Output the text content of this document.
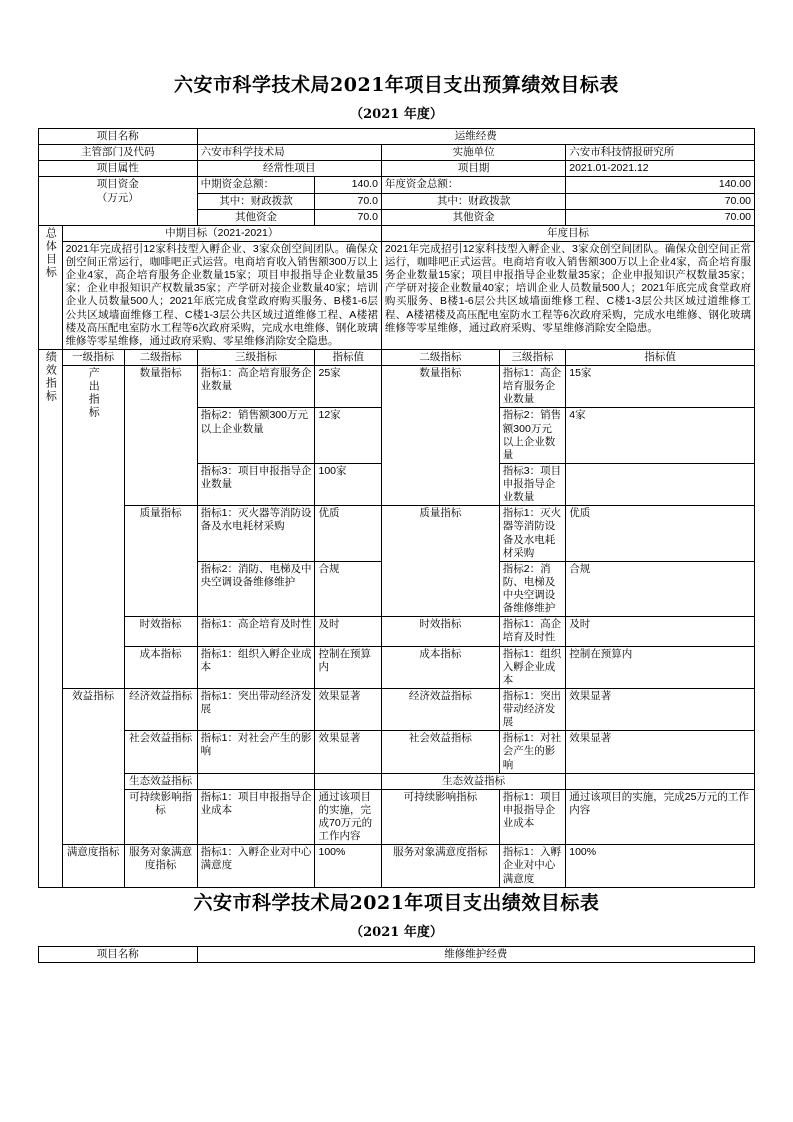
六安市科学技术局2021年项目支出预算绩效目标表
（2021 年度）
项目名称			运维经费				
主管部门及代码			六安市科学技术局		实施单位		六安市科技情报研究所
项目属性			经常性项目		项目期		2021.01-2021.12

项目资金
（万元）			中期资金总额：	140.0	年度资金总额：		140.00
			其中：财政拨款	70.0	其中：财政拨款		70.00
			其他资金	70.0	其他资金		70.00
总体目标	中期目标（2021-2021）				年度目标		
2021年完成招引12家科技型入孵企业、3家众创空间团队。确保众创空间正常运行，咖啡吧正式运营。电商培育收入销售额300万以上企业4家，高企培育服务企业数量15家；项目申报指导企业数量35家；企业申报知识产权数量35家；产学研对接企业数量40家；培训企业人员数量500人；2021年底完成食堂政府购买服务、B楼1-6层公共区域墙面维修工程、C楼1-3层公共区域过道维修工程、A楼裙楼及高压配电室防水工程等6次政府采购，完成水电维修、钢化玻璃维修等零星维修，通过政府采购、零星维修消除安全隐患。	2021年完成招引12家科技型入孵企业、3家众创空间团队。确保众创空间正常运行，咖啡吧正式运营。电商培育收入销售额300万以上企业4家，高企培育服务企业数量15家；项目申报指导企业数量35家；企业申报知识产权数量35家；产学研对接企业数量40家；培训企业人员数量500人；2021年底完成食堂政府购买服务、B楼1-6层公共区域墙面维修工程、C楼1-3层公共区域过道维修工程、A楼裙楼及高压配电室防水工程等6次政府采购，完成水电维修、钢化玻璃维修等零星维修，通过政府采购、零星维修消除安全隐患。
绩效指标	一级指标	二级指标	三级指标	指标值	二级指标	三级指标	指标值
	产出指标	数量指标	指标1：高企培育服务企业数量	25家	数量指标	指标1：高企培育服务企业数量	15家
			指标2：销售额300万元以上企业数量	12家		指标2：销售额300万元以上企业数量	4家
			指标3：项目申报指导企业数量	100家		指标3：项目申报指导企业数量	
		质量指标	指标1：灭火器等消防设备及水电耗材采购	优质	质量指标	指标1：灭火器等消防设备及水电耗材采购	优质
			指标2：消防、电梯及中央空调设备维修维护	合规		指标2：消防、电梯及中央空调设备维修维护	合规
		时效指标	指标1：高企培育及时性	及时	时效指标	指标1：高企培育及时性	及时
		成本指标	指标1：组织入孵企业成本	控制在预算内	成本指标	指标1：组织入孵企业成本	控制在预算内
	效益指标	经济效益指标	指标1：突出带动经济发展	效果显著	经济效益指标	指标1：突出带动经济发展	效果显著
		社会效益指标	指标1：对社会产生的影响	效果显著	社会效益指标	指标1：对社会产生的影响	效果显著
		生态效益指标			生态效益指标		
		可持续影响指标	指标1：项目申报指导企业成本	通过该项目的实施，完成70万元的工作内容	可持续影响指标	指标1：项目申报指导企业成本	通过该项目的实施，完成25万元的工作内容
	满意度指标	服务对象满意度指标	指标1：入孵企业对中心满意度	100%	服务对象满意度指标	指标1：入孵企业对中心满意度	100%
六安市科学技术局2021年项目支出绩效目标表
（2021 年度）
项目名称	维修维护经费
